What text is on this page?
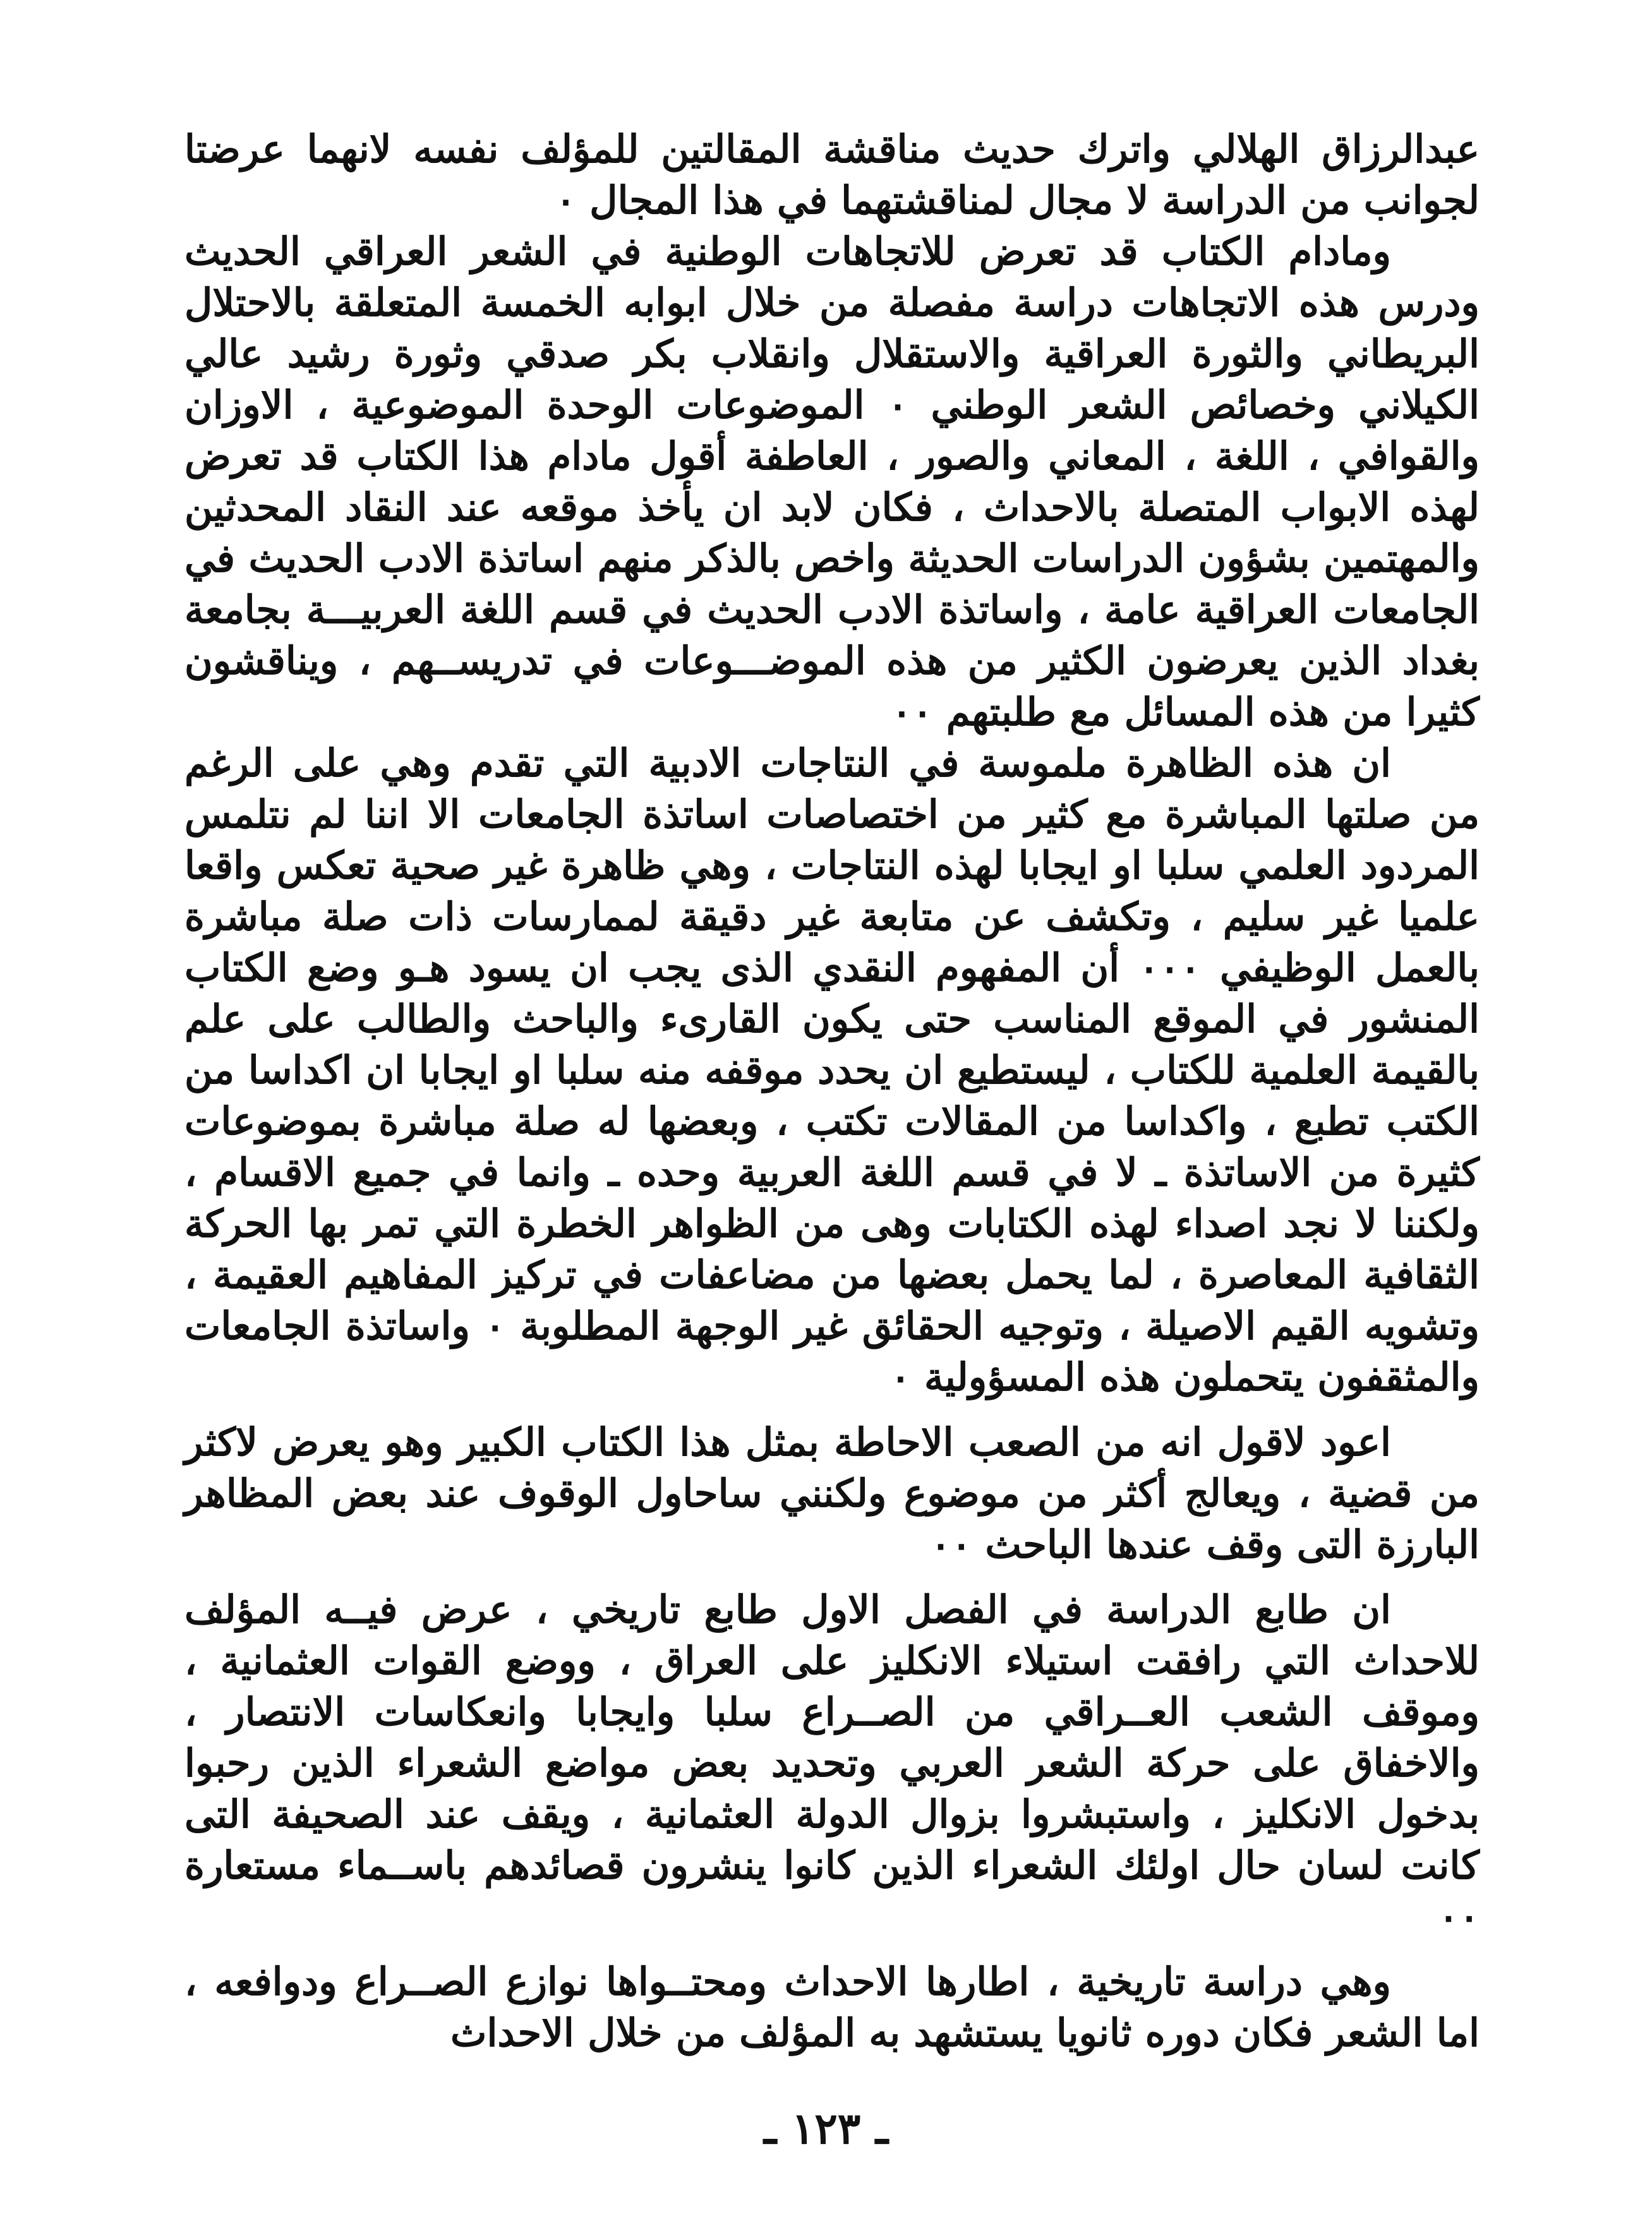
عبدالرزاق الهلالي واترك حديث مناقشة المقالتين للمؤلف نفسه لانهما عرضتا لجوانب من الدراسة لا مجال لمناقشتهما في هذا المجال ٠

ومادام الكتاب قد تعرض للاتجاهات الوطنية في الشعر العراقي الحديث ودرس هذه الاتجاهات دراسة مفصلة من خلال ابوابه الخمسة المتعلقة بالاحتلال البريطاني والثورة العراقية والاستقلال وانقلاب بكر صدقي وثورة رشيد عالي الكيلاني وخصائص الشعر الوطني ٠ الموضوعات الوحدة الموضوعية ، الاوزان والقوافي ، اللغة ، المعاني والصور ، العاطفة أقول مادام هذا الكتاب قد تعرض لهذه الابواب المتصلة بالاحداث ، فكان لابد ان يأخذ موقعه عند النقاد المحدثين والمهتمين بشؤون الدراسات الحديثة واخص بالذكر منهم اساتذة الادب الحديث في الجامعات العراقية عامة ، واساتذة الادب الحديث في قسم اللغة العربيـــة بجامعة بغداد الذين يعرضون الكثير من هذه الموضـــوعات في تدريســهم ، ويناقشون كثيرا من هذه المسائل مع طلبتهم ٠٠

ان هذه الظاهرة ملموسة في النتاجات الادبية التي تقدم وهي على الرغم من صلتها المباشرة مع كثير من اختصاصات اساتذة الجامعات الا اننا لم نتلمس المردود العلمي سلبا او ايجابا لهذه النتاجات ، وهي ظاهرة غير صحية تعكس واقعا علميا غير سليم ، وتكشف عن متابعة غير دقيقة لممارسات ذات صلة مباشرة بالعمل الوظيفي ٠٠٠ أن المفهوم النقدي الذى يجب ان يسود هـو وضع الكتاب المنشور في الموقع المناسب حتى يكون القارىء والباحث والطالب على علم بالقيمة العلمية للكتاب ، ليستطيع ان يحدد موقفه منه سلبا او ايجابا ان اكداسا من الكتب تطبع ، واكداسا من المقالات تكتب ، وبعضها له صلة مباشرة بموضوعات كثيرة من الاساتذة ـ لا في قسم اللغة العربية وحده ـ وانما في جميع الاقسام ، ولكننا لا نجد اصداء لهذه الكتابات وهى من الظواهر الخطرة التي تمر بها الحركة الثقافية المعاصرة ، لما يحمل بعضها من مضاعفات في تركيز المفاهيم العقيمة ، وتشويه القيم الاصيلة ، وتوجيه الحقائق غير الوجهة المطلوبة ٠ واساتذة الجامعات والمثقفون يتحملون هذه المسؤولية ٠

اعود لاقول انه من الصعب الاحاطة بمثل هذا الكتاب الكبير وهو يعرض لاكثر من قضية ، ويعالج أكثر من موضوع ولكنني ساحاول الوقوف عند بعض المظاهر البارزة التى وقف عندها الباحث ٠٠

ان طابع الدراسة في الفصل الاول طابع تاريخي ، عرض فيــه المؤلف للاحداث التي رافقت استيلاء الانكليز على العراق ، ووضع القوات العثمانية ، وموقف الشعب العــراقي من الصــراع سلبا وايجابا وانعكاسات الانتصار ، والاخفاق على حركة الشعر العربي وتحديد بعض مواضع الشعراء الذين رحبوا بدخول الانكليز ، واستبشروا بزوال الدولة العثمانية ، ويقف عند الصحيفة التى كانت لسان حال اولئك الشعراء الذين كانوا ينشرون قصائدهم باســماء مستعارة ٠٠

وهي دراسة تاريخية ، اطارها الاحداث ومحتــواها نوازع الصــراع ودوافعه ، اما الشعر فكان دوره ثانويا يستشهد به المؤلف من خلال الاحداث

ـ ١٢٣ ـ
